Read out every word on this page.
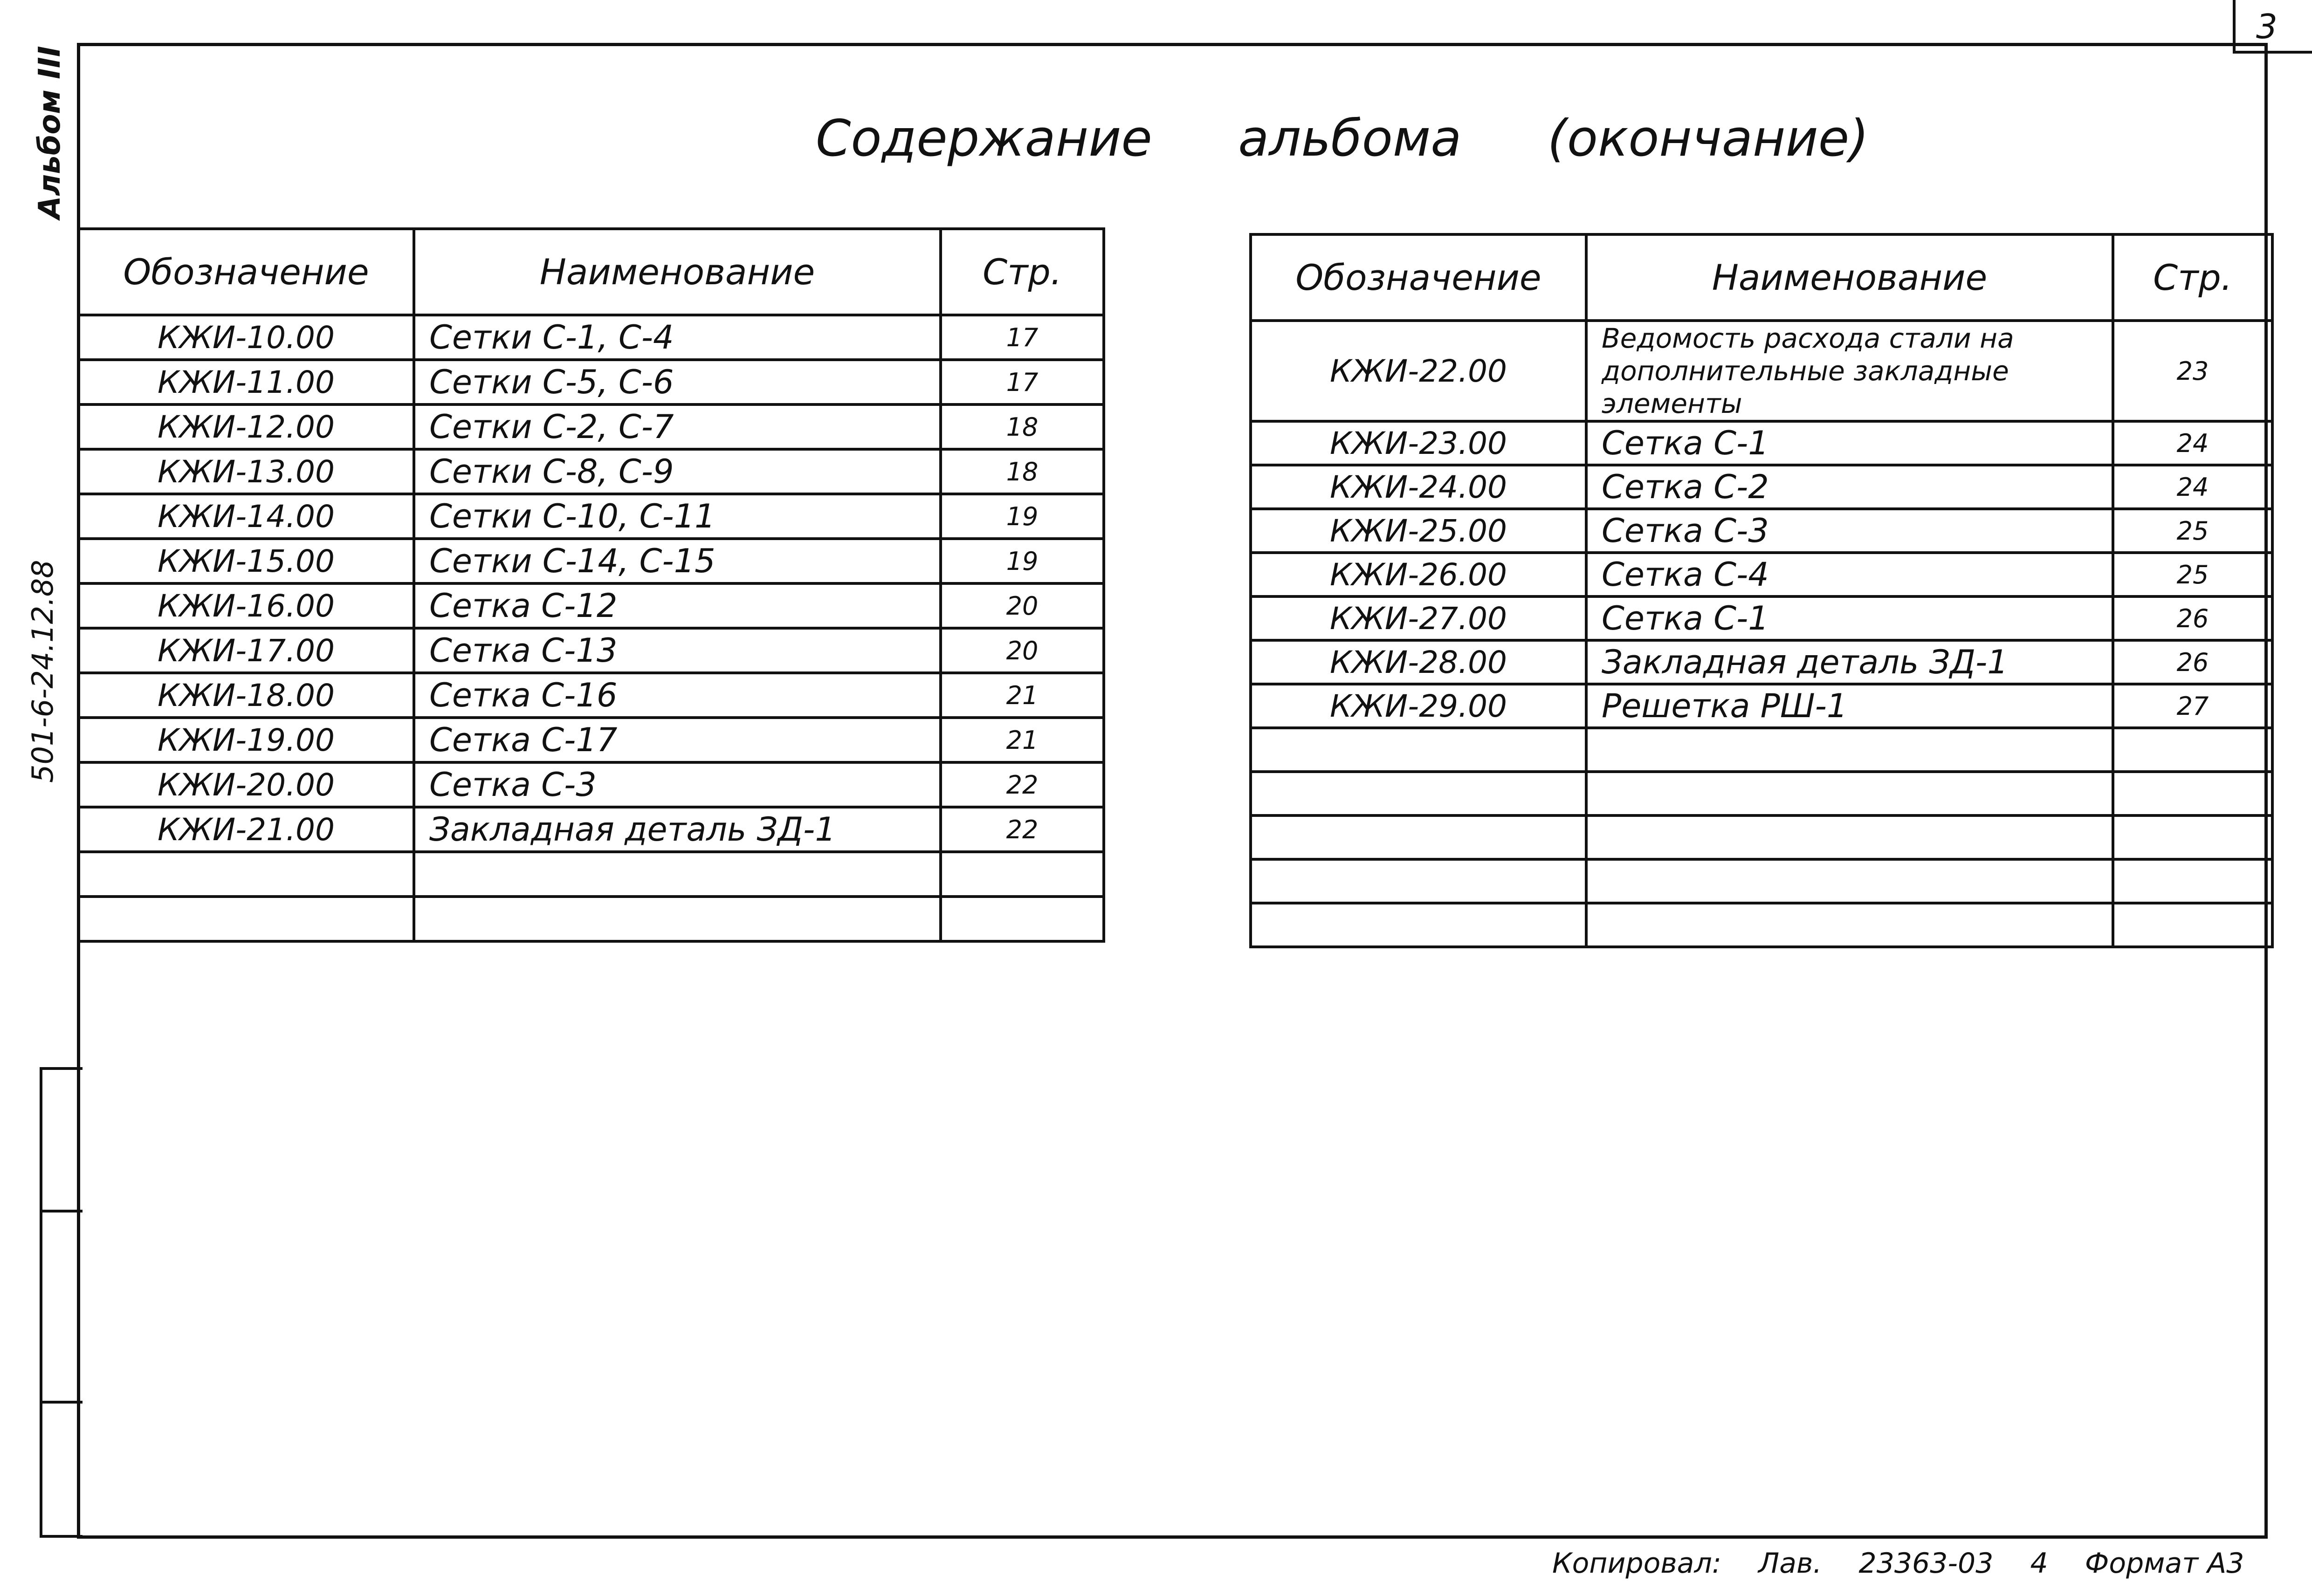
3
Альбом III
501-6-24.12.88
Содержание альбома (окончание)
Обозначение	Наименование	Стр.
КЖИ-10.00	Сетки С-1, С-4	17
КЖИ-11.00	Сетки С-5, С-6	17
КЖИ-12.00	Сетки С-2, С-7	18
КЖИ-13.00	Сетки С-8, С-9	18
КЖИ-14.00	Сетки С-10, С-11	19
КЖИ-15.00	Сетки С-14, С-15	19
КЖИ-16.00	Сетка С-12	20
КЖИ-17.00	Сетка С-13	20
КЖИ-18.00	Сетка С-16	21
КЖИ-19.00	Сетка С-17	21
КЖИ-20.00	Сетка С-3	22
КЖИ-21.00	Закладная деталь ЗД-1	22

Обозначение	Наименование	Стр.
КЖИ-22.00	Ведомость расхода стали на дополнительные закладные элементы	23
КЖИ-23.00	Сетка С-1	24
КЖИ-24.00	Сетка С-2	24
КЖИ-25.00	Сетка С-3	25
КЖИ-26.00	Сетка С-4	25
КЖИ-27.00	Сетка С-1	26
КЖИ-28.00	Закладная деталь ЗД-1	26
КЖИ-29.00	Решетка РШ-1	27

Копировал: Лав. 23363-03 4 Формат А3
